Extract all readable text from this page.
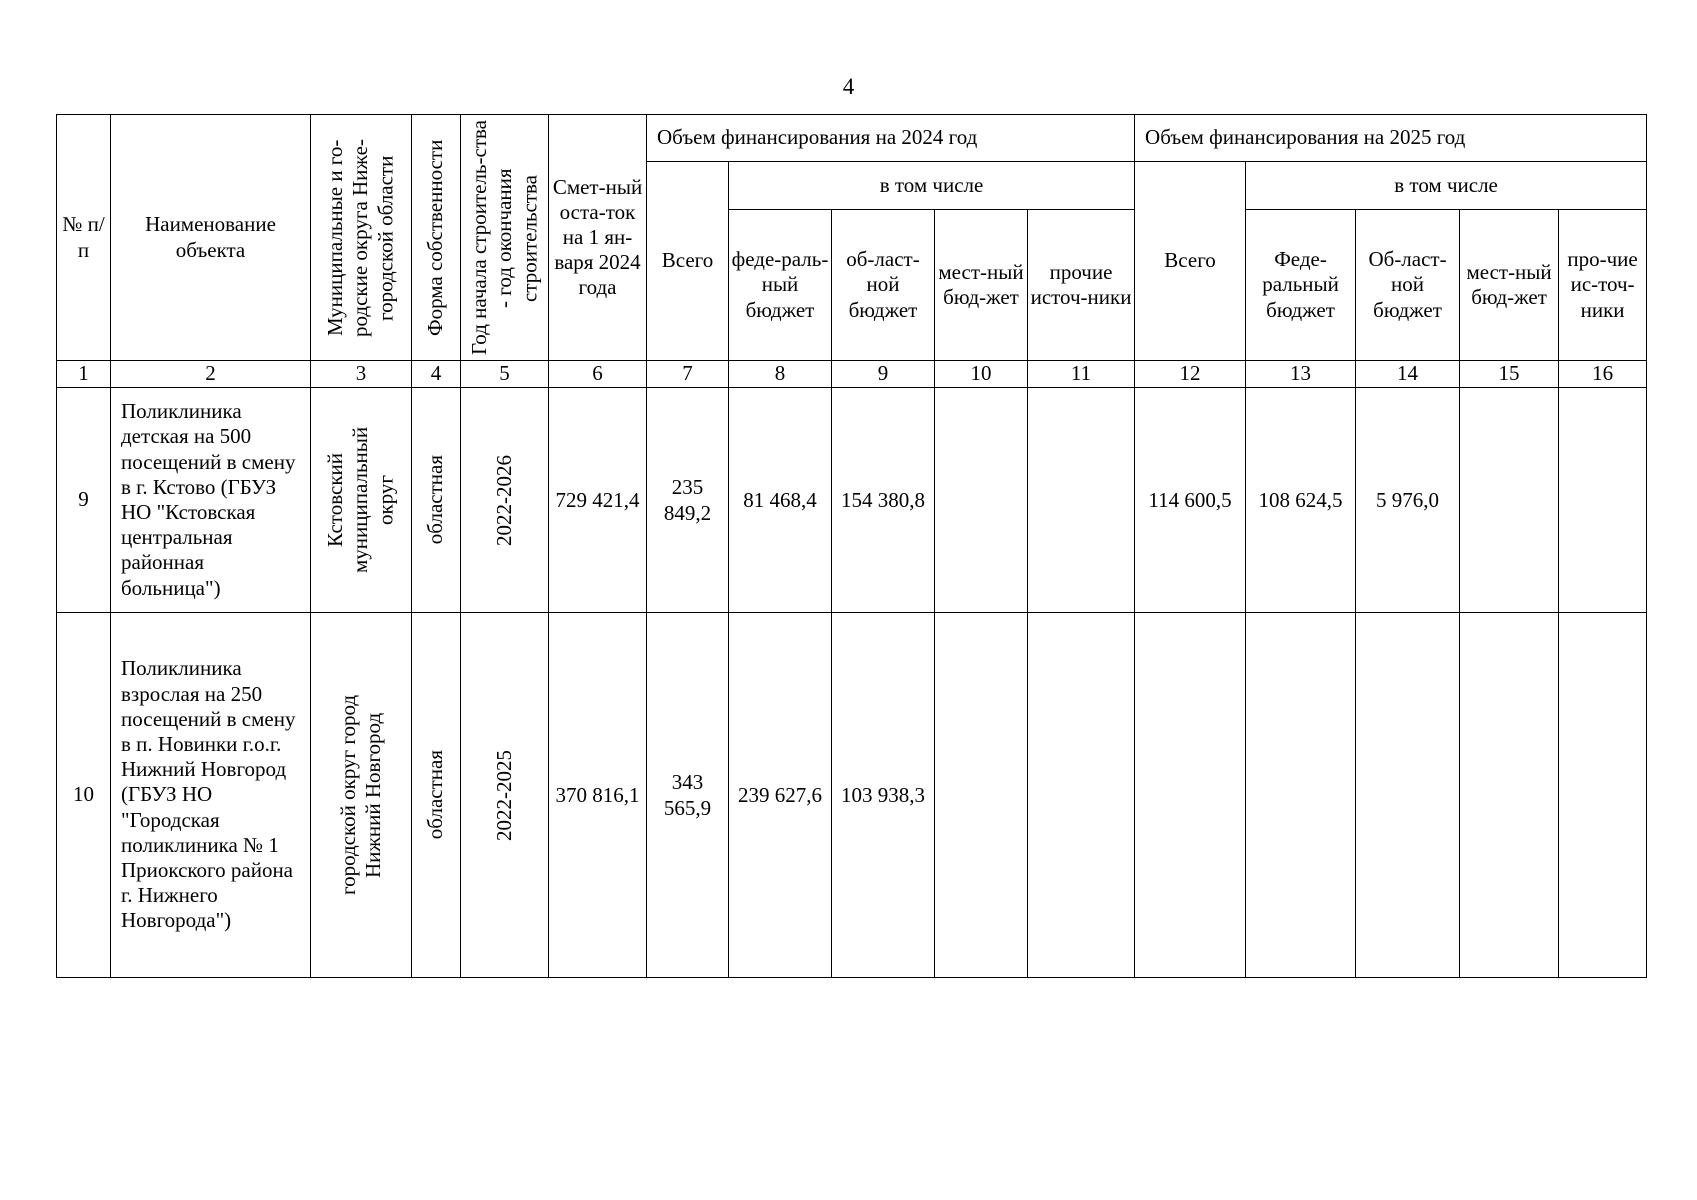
4
№ п/п	Наименование объекта	Муниципальные и го-родские округа Ниже-городской области	Форма собственности	Год начала строитель-ства - год окончания строительства	Смет-ный оста-ток на 1 ян-варя 2024 года	Объем финансирования на 2024 год					Объем финансирования на 2025 год				
						Всего	в том числе				Всего	в том числе			
							феде-раль-ный бюджет	об-ласт-ной бюджет	мест-ный бюд-жет	прочие источ-ники		Феде-ральный бюджет	Об-ласт-ной бюджет	мест-ный бюд-жет	про-чие ис-точ-ники
1	2	3	4	5	6	7	8	9	10	11	12	13	14	15	16
9	Поликлиника детская на 500 посещений в смену в г. Кстово (ГБУЗ НО "Кстовская центральная районная больница")	Кстовский муниципальный округ	областная	2022-2026	729 421,4	235 849,2	81 468,4	154 380,8			114 600,5	108 624,5	5 976,0		
10	Поликлиника взрослая на 250 посещений в смену в п. Новинки г.о.г. Нижний Новгород (ГБУЗ НО "Городская поликлиника № 1 Приокского района г. Нижнего Новгорода")	городской округ город Нижний Новгород	областная	2022-2025	370 816,1	343 565,9	239 627,6	103 938,3							
